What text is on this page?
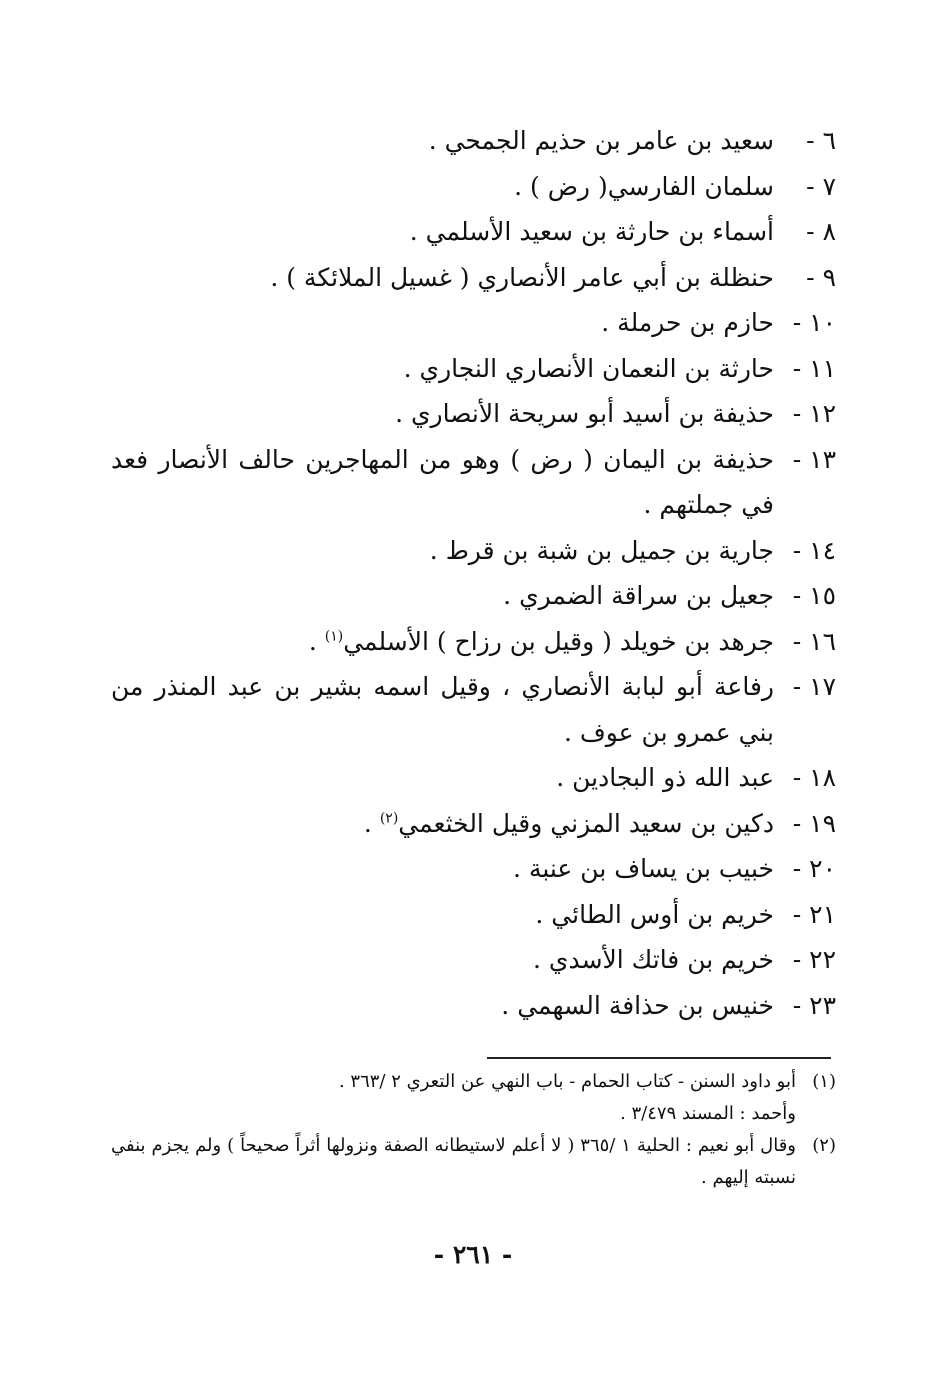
٦ -
سعيد بن عامر بن حذيم الجمحي .
٧ -
سلمان الفارسي( رض ) .
٨ -
أسماء بن حارثة بن سعيد الأسلمي .
٩ -
حنظلة بن أبي عامر الأنصاري ( غسيل الملائكة ) .
١٠ -
حازم بن حرملة .
١١ -
حارثة بن النعمان الأنصاري النجاري .
١٢ -
حذيفة بن أسيد أبو سريحة الأنصاري .
١٣ -
حذيفة بن اليمان ( رض ) وهو من المهاجرين حالف الأنصار فعد في جملتهم .
١٤ -
جارية بن جميل بن شبة بن قرط .
١٥ -
جعيل بن سراقة الضمري .
١٦ -
جرهد بن خويلد ( وقيل بن رزاح ) الأسلمي$^{(١)}$ .
١٧ -
رفاعة أبو لبابة الأنصاري ، وقيل اسمه بشير بن عبد المنذر من بني عمرو بن عوف .
١٨ -
عبد الله ذو البجادين .
١٩ -
دكين بن سعيد المزني وقيل الخثعمي$^{(٢)}$ .
٢٠ -
خبيب بن يساف بن عنبة .
٢١ -
خريم بن أوس الطائي .
٢٢ -
خريم بن فاتك الأسدي .
٢٣ -
خنيس بن حذافة السهمي .
(١)
أبو داود السنن - كتاب الحمام - باب النهي عن التعري ٢ /٣٦٣ .
وأحمد : المسند ٣/٤٧٩ .
(٢)
وقال أبو نعيم : الحلية ١ /٣٦٥ ( لا أعلم لاستيطانه الصفة ونزولها أثراً صحيحاً ) ولم يجزم بنفي نسبته إليهم .
- ٢٦١ -
